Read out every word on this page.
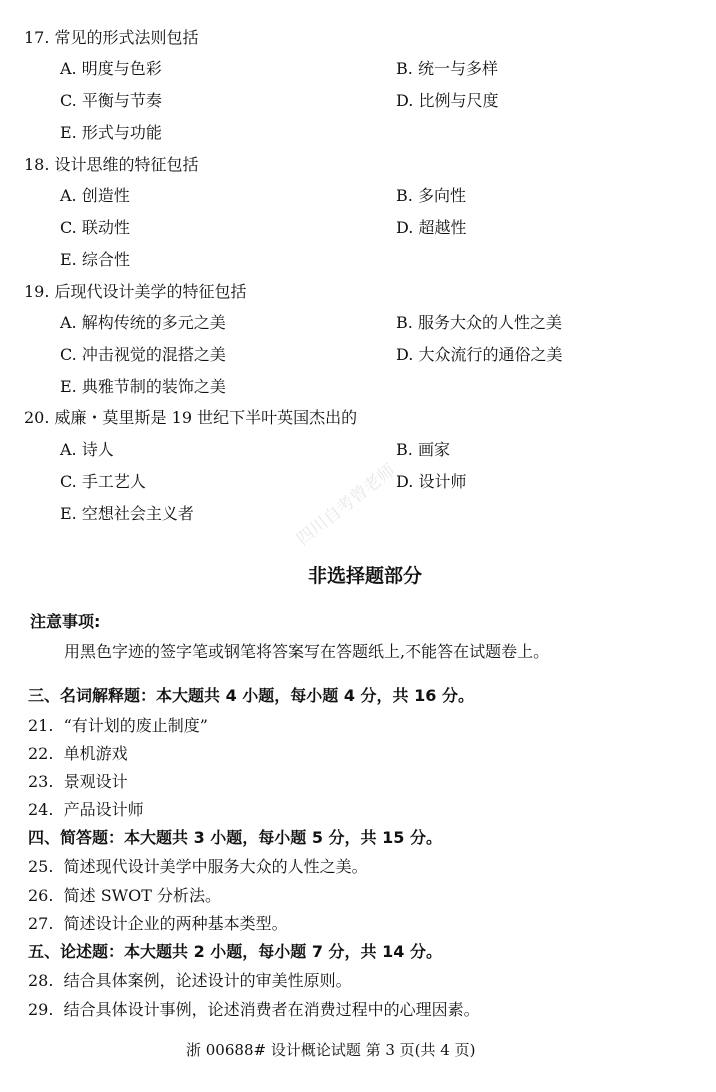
17. 常见的形式法则包括
A. 明度与色彩	B. 统一与多样
C. 平衡与节奏	D. 比例与尺度
E. 形式与功能
18. 设计思维的特征包括
A. 创造性	B. 多向性
C. 联动性	D. 超越性
E. 综合性
19. 后现代设计美学的特征包括
A. 解构传统的多元之美	B. 服务大众的人性之美
C. 冲击视觉的混搭之美	D. 大众流行的通俗之美
E. 典雅节制的装饰之美
20. 威廉・莫里斯是 19 世纪下半叶英国杰出的
A. 诗人	B. 画家
C. 手工艺人	D. 设计师
E. 空想社会主义者	四川自考曾老师
非选择题部分
注意事项:
用黑色字迹的签字笔或钢笔将答案写在答题纸上,不能答在试题卷上。
三、名词解释题：本大题共 4 小题，每小题 4 分，共 16 分。
21. “有计划的废止制度”
22. 单机游戏
23. 景观设计
24. 产品设计师
四、简答题：本大题共 3 小题，每小题 5 分，共 15 分。
25. 简述现代设计美学中服务大众的人性之美。
26. 简述 SWOT 分析法。
27. 简述设计企业的两种基本类型。
五、论述题：本大题共 2 小题，每小题 7 分，共 14 分。
28. 结合具体案例，论述设计的审美性原则。
29. 结合具体设计事例，论述消费者在消费过程中的心理因素。
浙 00688# 设计概论试题 第 3 页(共 4 页)
